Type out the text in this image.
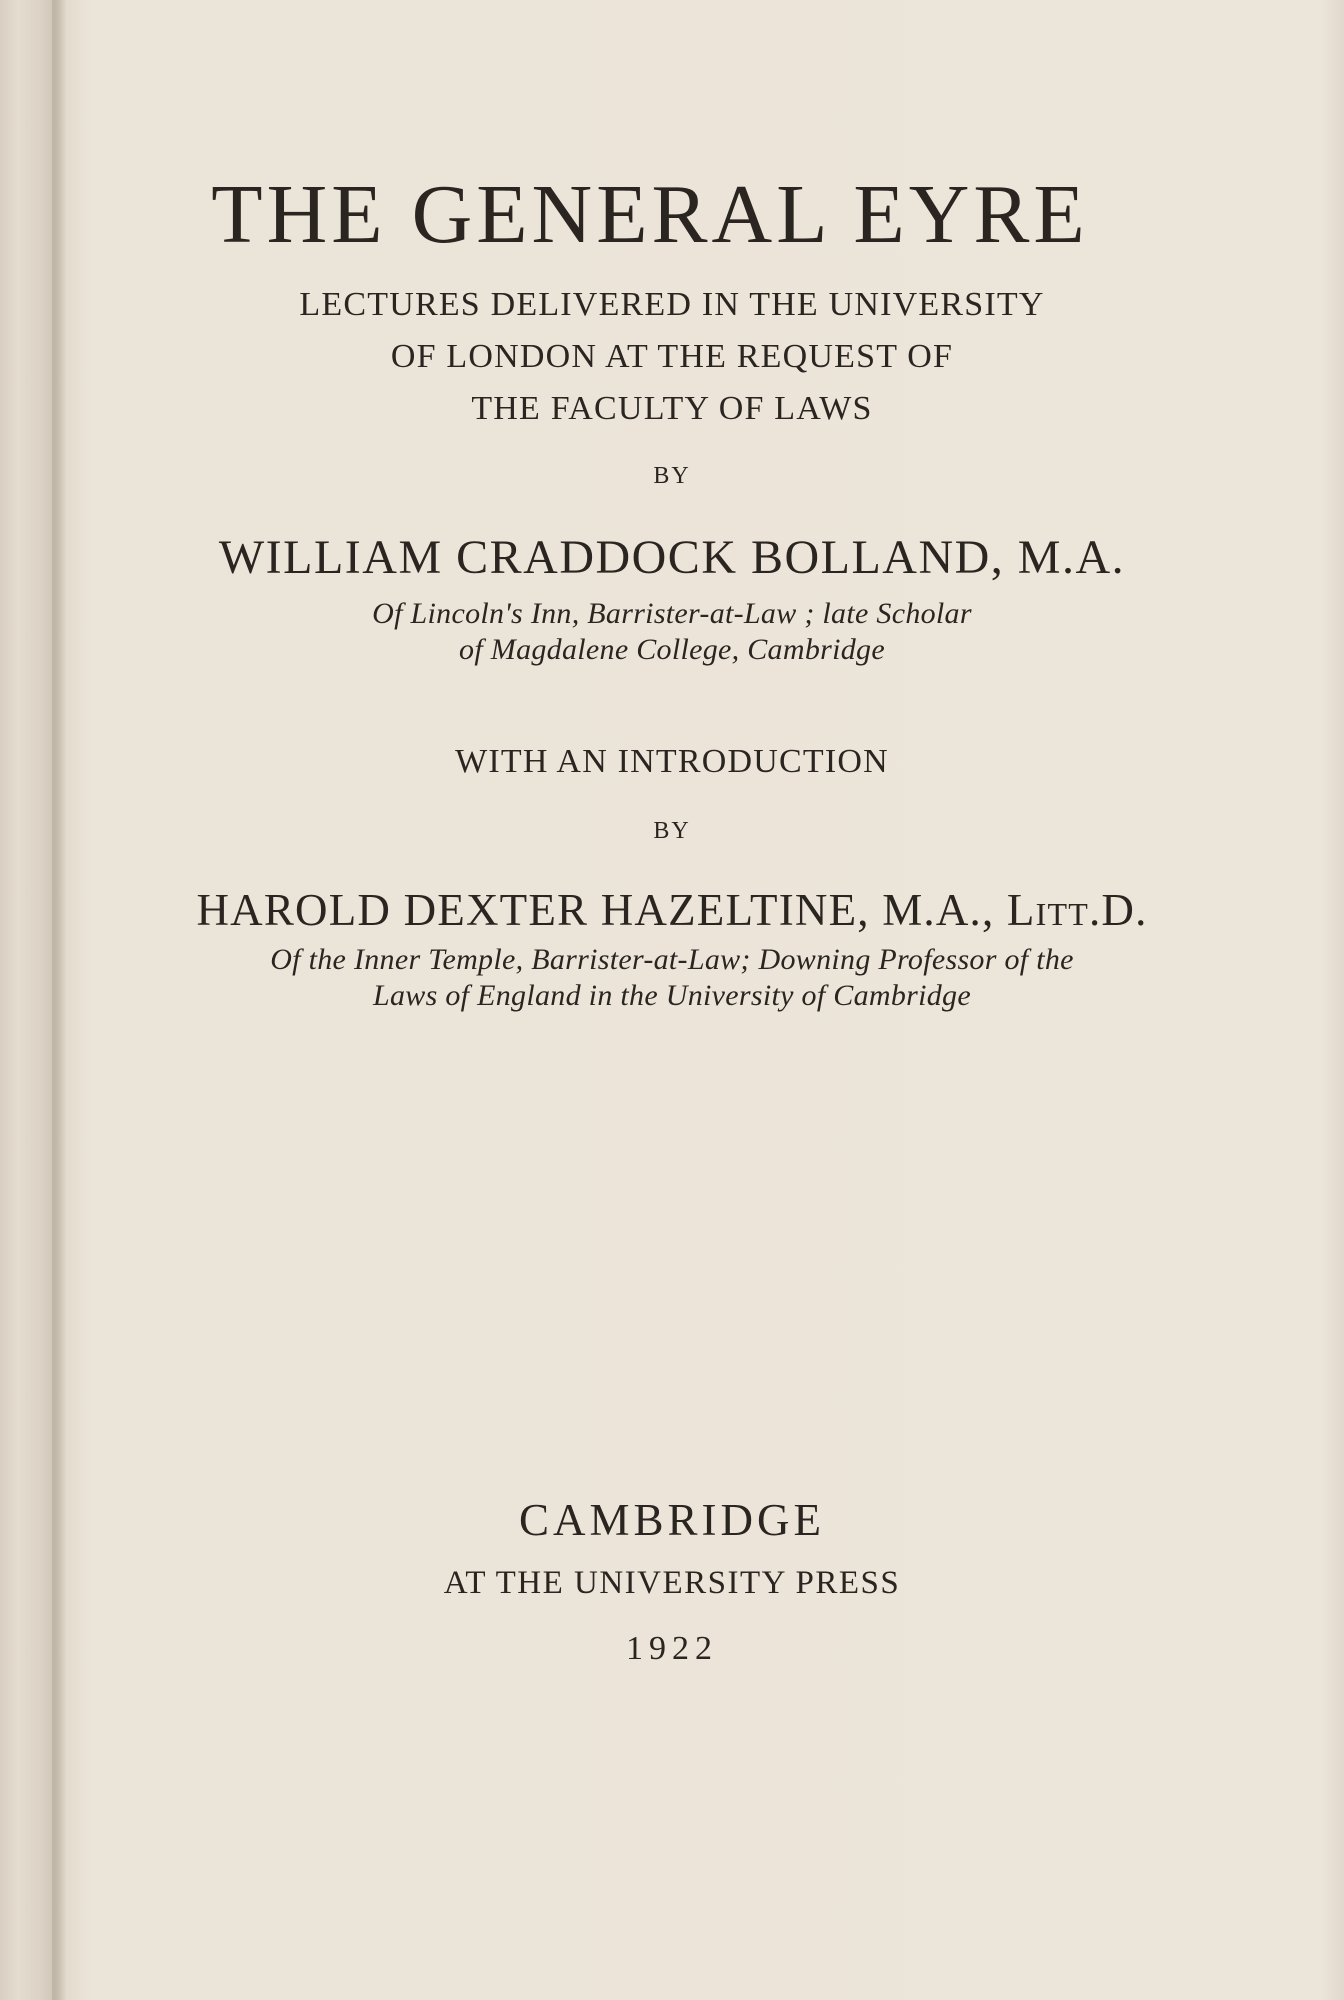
THE GENERAL EYRE
LECTURES DELIVERED IN THE UNIVERSITY
OF LONDON AT THE REQUEST OF
THE FACULTY OF LAWS
BY
WILLIAM CRADDOCK BOLLAND, M.A.
Of Lincoln's Inn, Barrister-at-Law ; late Scholar
of Magdalene College, Cambridge
WITH AN INTRODUCTION
BY
HAROLD DEXTER HAZELTINE, M.A., Litt.D.
Of the Inner Temple, Barrister-at-Law; Downing Professor of the
Laws of England in the University of Cambridge
CAMBRIDGE
AT THE UNIVERSITY PRESS
1922
